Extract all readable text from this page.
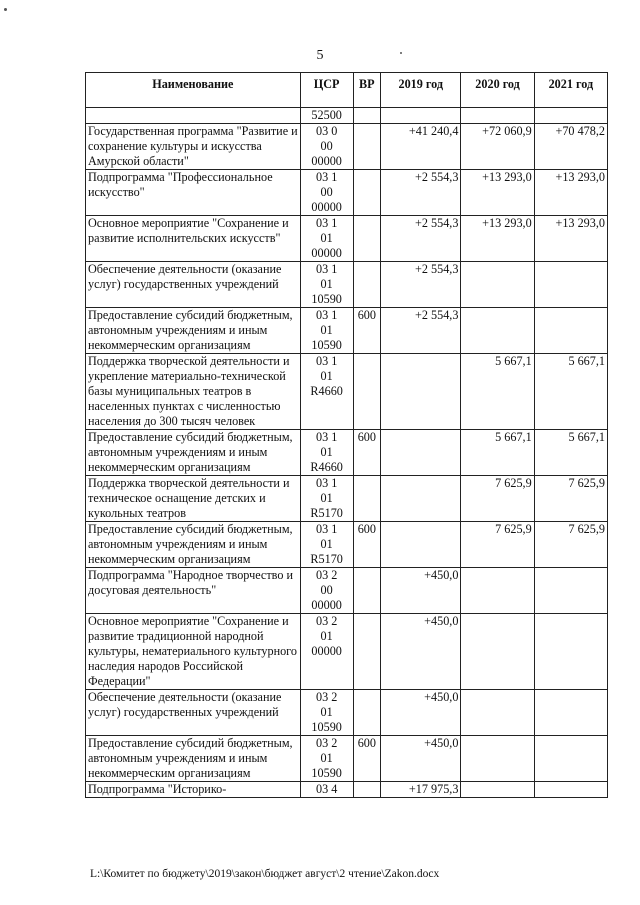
5
Наименование	ЦСР	ВР	2019 год	2020 год	2021 год
	52500				
Государственная программа "Развитие и сохранение культуры и искусства Амурской области"	03 0
00
00000		+41 240,4	+72 060,9	+70 478,2
Подпрограмма "Профессиональное искусство"	03 1
00
00000		+2 554,3	+13 293,0	+13 293,0
Основное мероприятие "Сохранение и развитие исполнительских искусств"	03 1
01
00000		+2 554,3	+13 293,0	+13 293,0
Обеспечение деятельности (оказание услуг) государственных учреждений	03 1
01
10590		+2 554,3		
Предоставление субсидий бюджетным, автономным учреждениям и иным некоммерческим организациям	03 1
01
10590	600	+2 554,3		
Поддержка творческой деятельности и укрепление материально-технической базы муниципальных театров в населенных пунктах с численностью населения до 300 тысяч человек	03 1
01
R4660			5 667,1	5 667,1
Предоставление субсидий бюджетным, автономным учреждениям и иным некоммерческим организациям	03 1
01
R4660	600		5 667,1	5 667,1
Поддержка творческой деятельности и техническое оснащение детских и кукольных театров	03 1
01
R5170			7 625,9	7 625,9
Предоставление субсидий бюджетным, автономным учреждениям и иным некоммерческим организациям	03 1
01
R5170	600		7 625,9	7 625,9
Подпрограмма "Народное творчество и досуговая деятельность"	03 2
00
00000		+450,0		
Основное мероприятие "Сохранение и развитие традиционной народной культуры, нематериального культурного наследия народов Российской Федерации"	03 2
01
00000		+450,0		
Обеспечение деятельности (оказание услуг) государственных учреждений	03 2
01
10590		+450,0		
Предоставление субсидий бюджетным, автономным учреждениям и иным некоммерческим организациям	03 2
01
10590	600	+450,0		
Подпрограмма "Историко-	03 4		+17 975,3		
L:\Комитет по бюджету\2019\закон\бюджет август\2 чтение\Zakon.docx
